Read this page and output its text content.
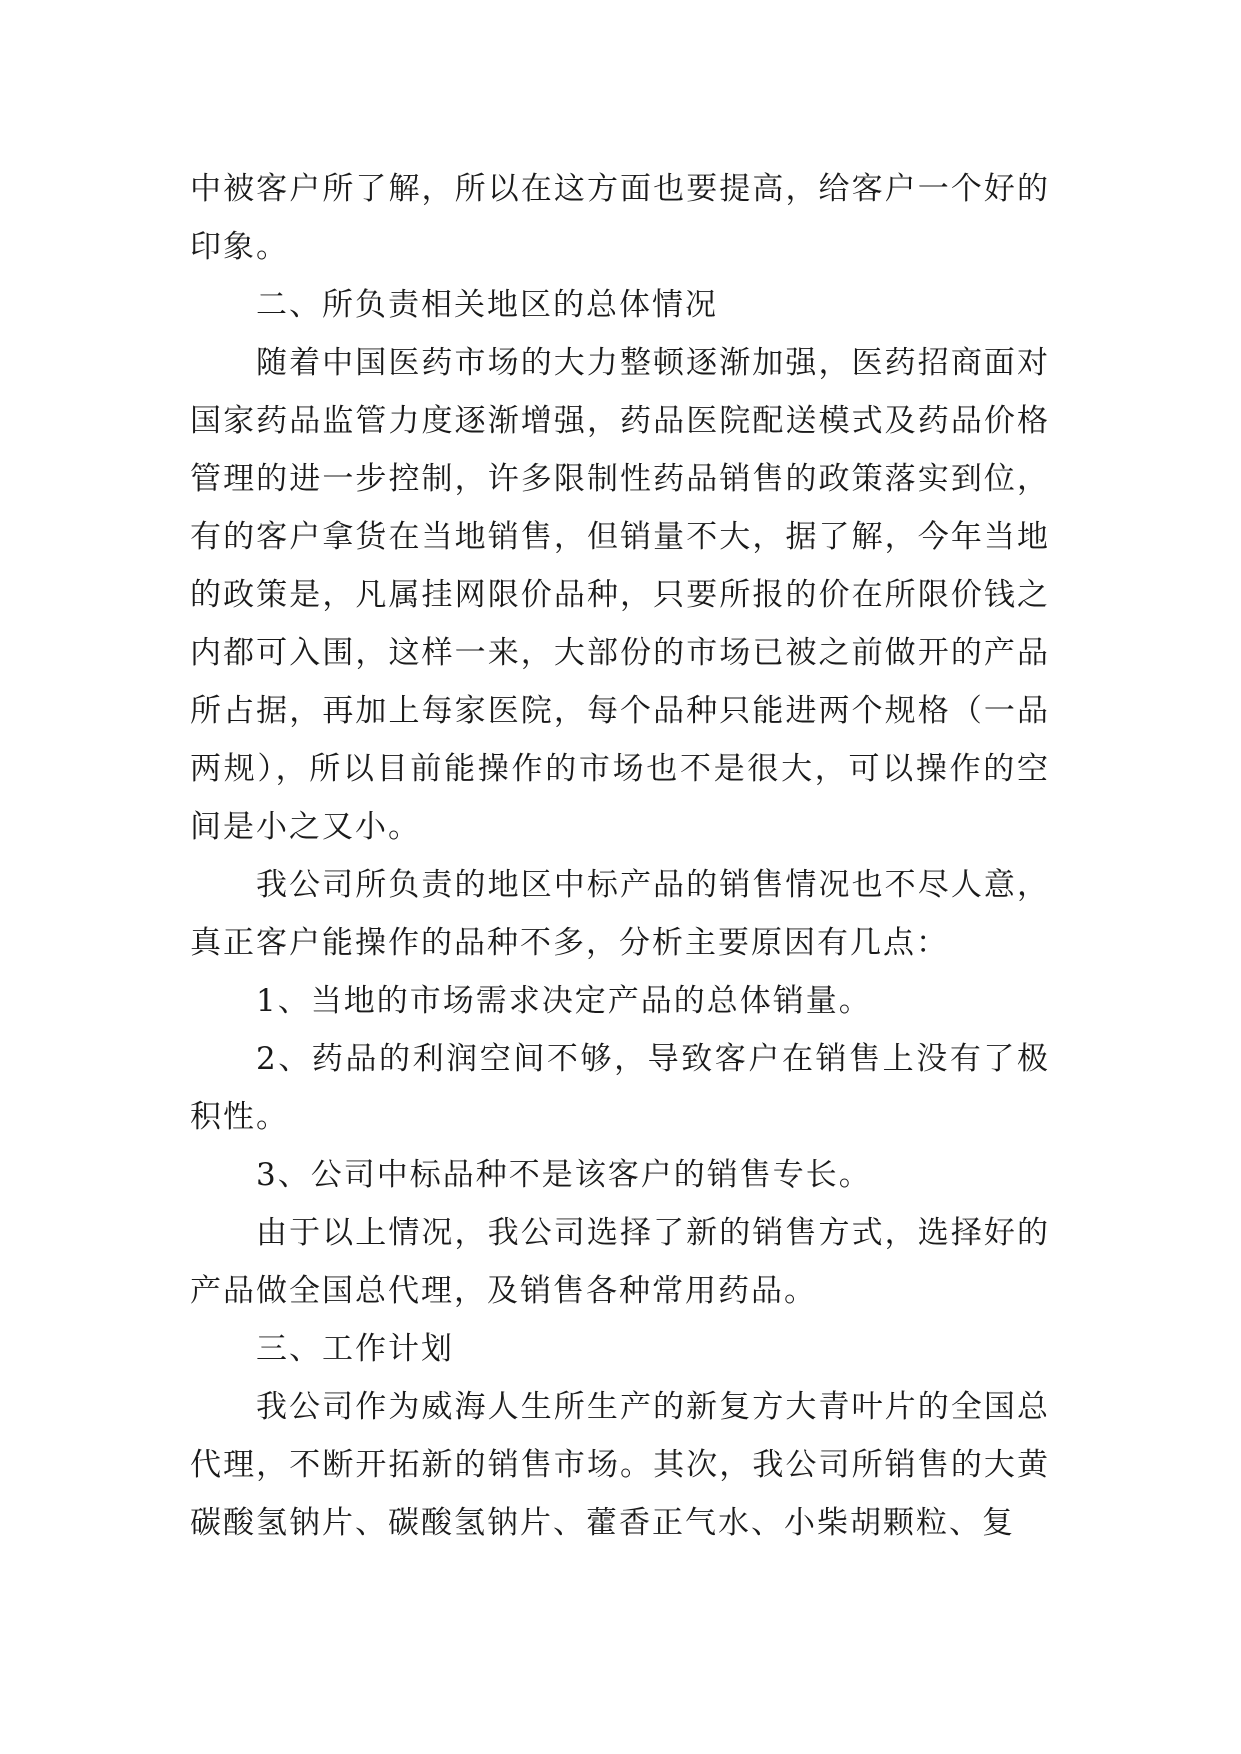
中被客户所了解，所以在这方面也要提高，给客户一个好的印象。

二、所负责相关地区的总体情况

随着中国医药市场的大力整顿逐渐加强，医药招商面对国家药品监管力度逐渐增强，药品医院配送模式及药品价格管理的进一步控制，许多限制性药品销售的政策落实到位，有的客户拿货在当地销售，但销量不大，据了解，今年当地的政策是，凡属挂网限价品种，只要所报的价在所限价钱之内都可入围，这样一来，大部份的市场已被之前做开的产品所占据，再加上每家医院，每个品种只能进两个规格（一品两规），所以目前能操作的市场也不是很大，可以操作的空间是小之又小。

我公司所负责的地区中标产品的销售情况也不尽人意，真正客户能操作的品种不多，分析主要原因有几点：

1、当地的市场需求决定产品的总体销量。

2、药品的利润空间不够，导致客户在销售上没有了极积性。

3、公司中标品种不是该客户的销售专长。

由于以上情况，我公司选择了新的销售方式，选择好的产品做全国总代理，及销售各种常用药品。

三、工作计划

我公司作为威海人生所生产的新复方大青叶片的全国总代理，不断开拓新的销售市场。其次，我公司所销售的大黄碳酸氢钠片、碳酸氢钠片、藿香正气水、小柴胡颗粒、复
